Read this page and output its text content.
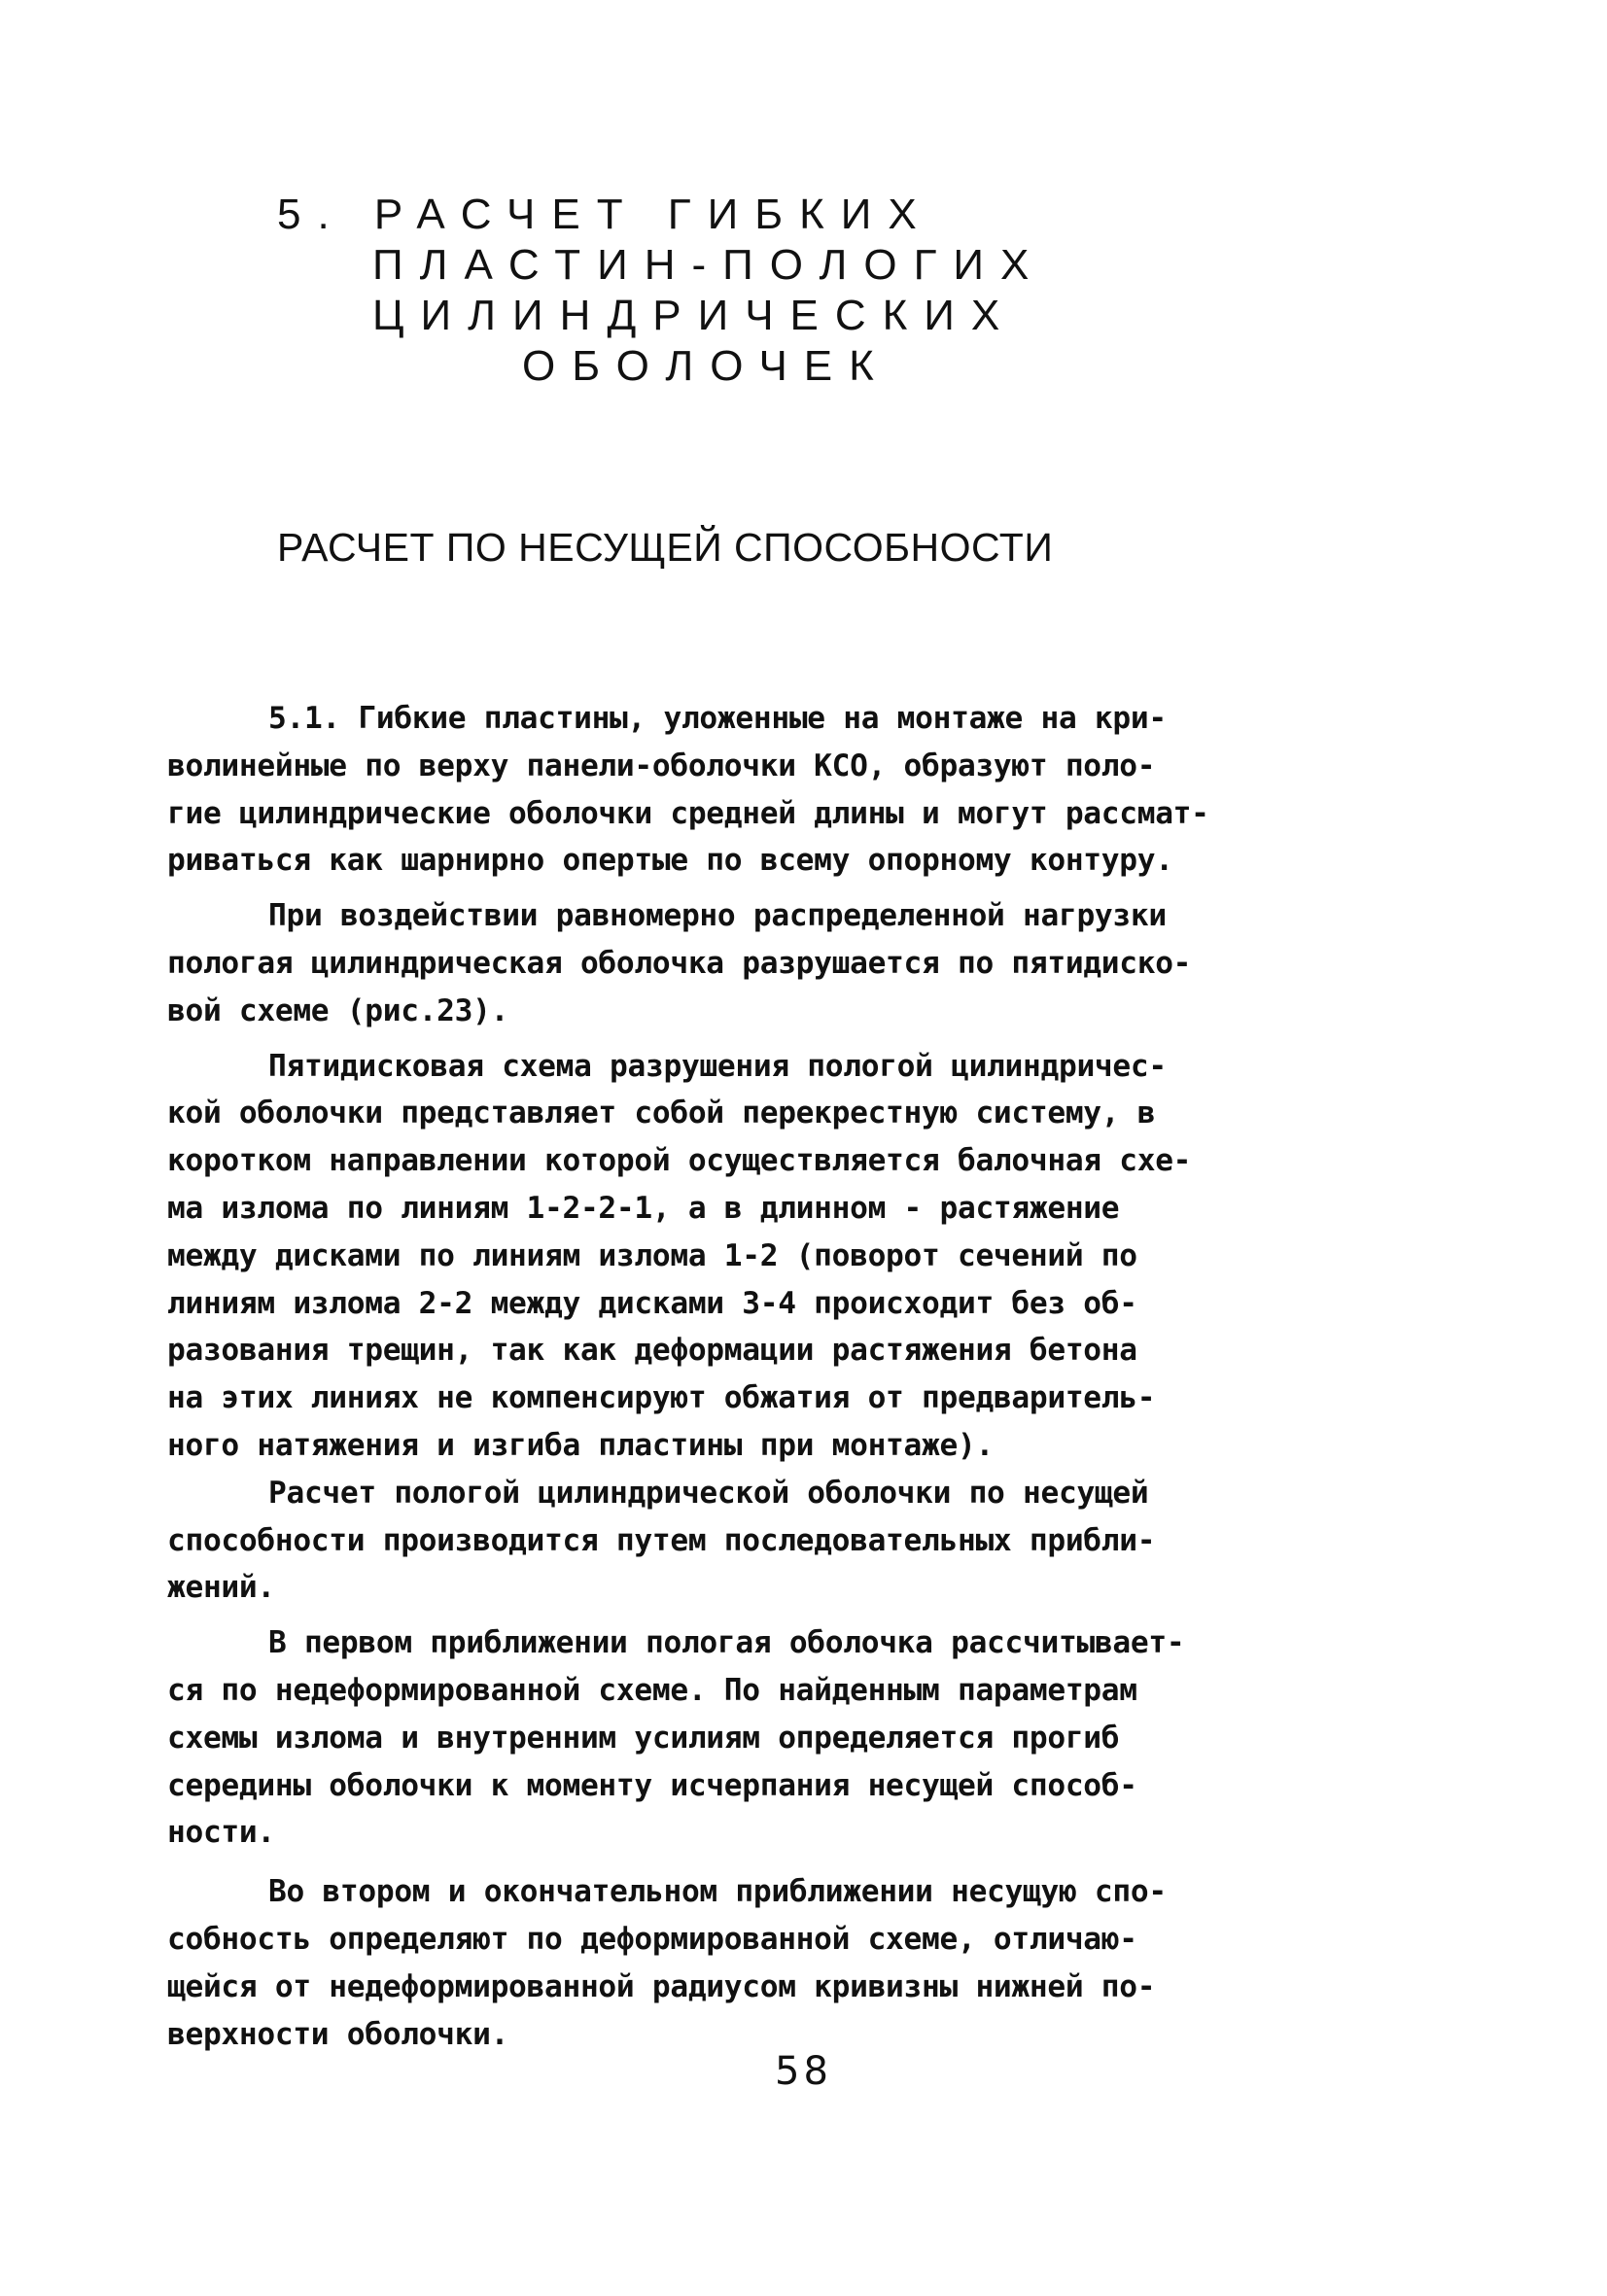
5. РАСЧЕТ ГИБКИХ
ПЛАСТИН-ПОЛОГИХ
ЦИЛИНДРИЧЕСКИХ
ОБОЛОЧЕК
РАСЧЕТ ПО НЕСУЩЕЙ СПОСОБНОСТИ
5.1. Гибкие пластины, уложенные на монтаже на кри-
волинейные по верху панели-оболочки КСО, образуют поло-
гие цилиндрические оболочки средней длины и могут рассмат-
риваться как шарнирно опертые по всему опорному контуру.
При воздействии равномерно распределенной нагрузки
пологая цилиндрическая оболочка разрушается по пятидиско-
вой схеме (рис.23).
Пятидисковая схема разрушения пологой цилиндричес-
кой оболочки представляет собой перекрестную систему, в
коротком направлении которой осуществляется балочная схе-
ма излома по линиям 1-2-2-1, а в длинном - растяжение
между дисками по линиям излома 1-2 (поворот сечений по
линиям излома 2-2 между дисками 3-4 происходит без об-
разования трещин, так как деформации растяжения бетона
на этих линиях не компенсируют обжатия от предваритель-
ного натяжения и изгиба пластины при монтаже).
Расчет пологой цилиндрической оболочки по несущей
способности производится путем последовательных прибли-
жений.
В первом приближении пологая оболочка рассчитывает-
ся по недеформированной схеме. По найденным параметрам
схемы излома и внутренним усилиям определяется прогиб
середины оболочки к моменту исчерпания несущей способ-
ности.
Во втором и окончательном приближении несущую спо-
собность определяют по деформированной схеме, отличаю-
щейся от недеформированной радиусом кривизны нижней по-
верхности оболочки.
58
